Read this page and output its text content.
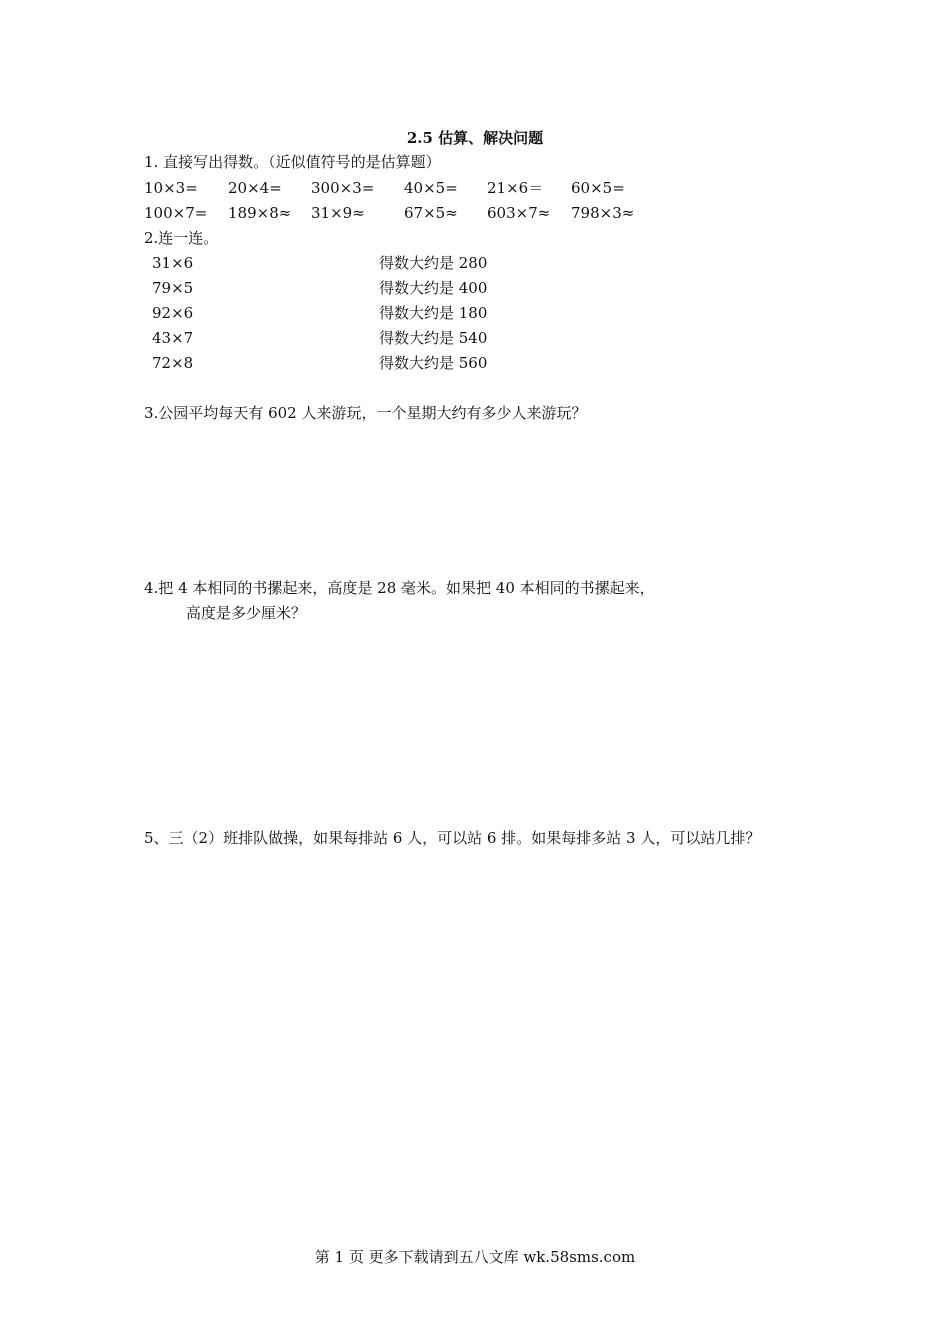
2.5 估算、解决问题
1. 直接写出得数。（近似值符号的是估算题）
10×3= 20×4= 300×3= 40×5= 21×6＝ 60×5=
100×7= 189×8≈ 31×9≈	67×5≈ 603×7≈ 798×3≈
2.连一连。
31×6
79×5
92×6
43×7
72×8
得数大约是 280
得数大约是 400
得数大约是 180
得数大约是 540
得数大约是 560
3.公园平均每天有 602 人来游玩，一个星期大约有多少人来游玩？
4.把 4 本相同的书摞起来，高度是 28 毫米。如果把 40 本相同的书摞起来，
高度是多少厘米？
5、三（2）班排队做操，如果每排站 6 人，可以站 6 排。如果每排多站 3 人，可以站几排？
第 1 页 更多下载请到五八文库 wk.58sms.com
